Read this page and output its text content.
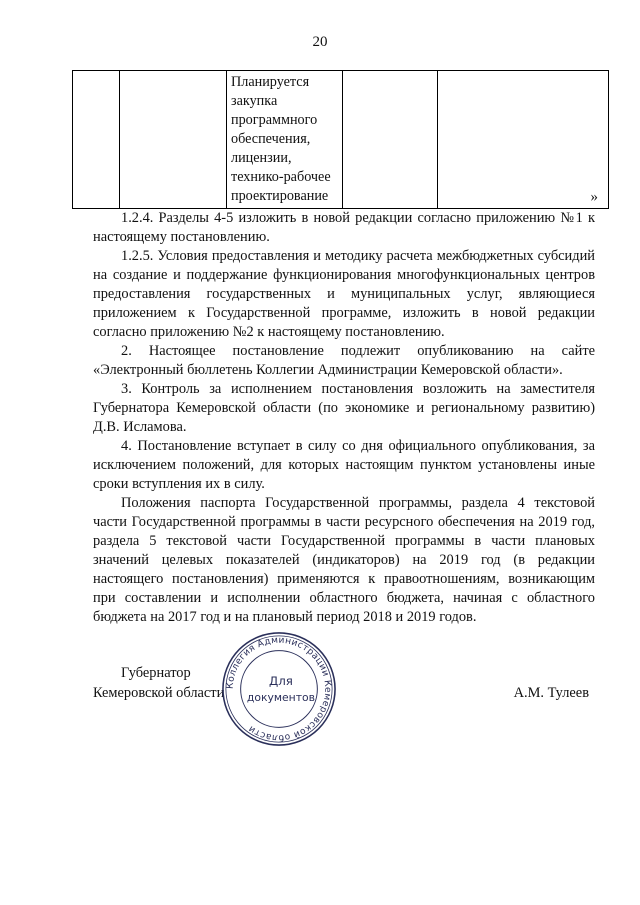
20
		Планируется закупка программного обеспечения, лицензии, технико-рабочее проектирование			»

1.2.4. Разделы 4-5 изложить в новой редакции согласно приложению №1 к настоящему постановлению.

1.2.5. Условия предоставления и методику расчета межбюджетных субсидий на создание и поддержание функционирования многофункциональных центров предоставления государственных и муниципальных услуг, являющиеся приложением к Государственной программе, изложить в новой редакции согласно приложению №2 к настоящему постановлению.

2. Настоящее постановление подлежит опубликованию на сайте «Электронный бюллетень Коллегии Администрации Кемеровской области».

3. Контроль за исполнением постановления возложить на заместителя Губернатора Кемеровской области (по экономике и региональному развитию) Д.В. Исламова.

4. Постановление вступает в силу со дня официального опубликования, за исключением положений, для которых настоящим пунктом установлены иные сроки вступления их в силу.

Положения паспорта Государственной программы, раздела 4 текстовой части Государственной программы в части ресурсного обеспечения на 2019 год, раздела 5 текстовой части Государственной программы в части плановых значений целевых показателей (индикаторов) на 2019 год (в редакции настоящего постановления) применяются к правоотношениям, возникающим при составлении и исполнении областного бюджета, начиная с областного бюджета на 2017 год и на плановый период 2018 и 2019 годов.

Губернатор
Кемеровской области	А.М. Тулеев
Коллегия Администрации Кемеровской области
Для
документов
